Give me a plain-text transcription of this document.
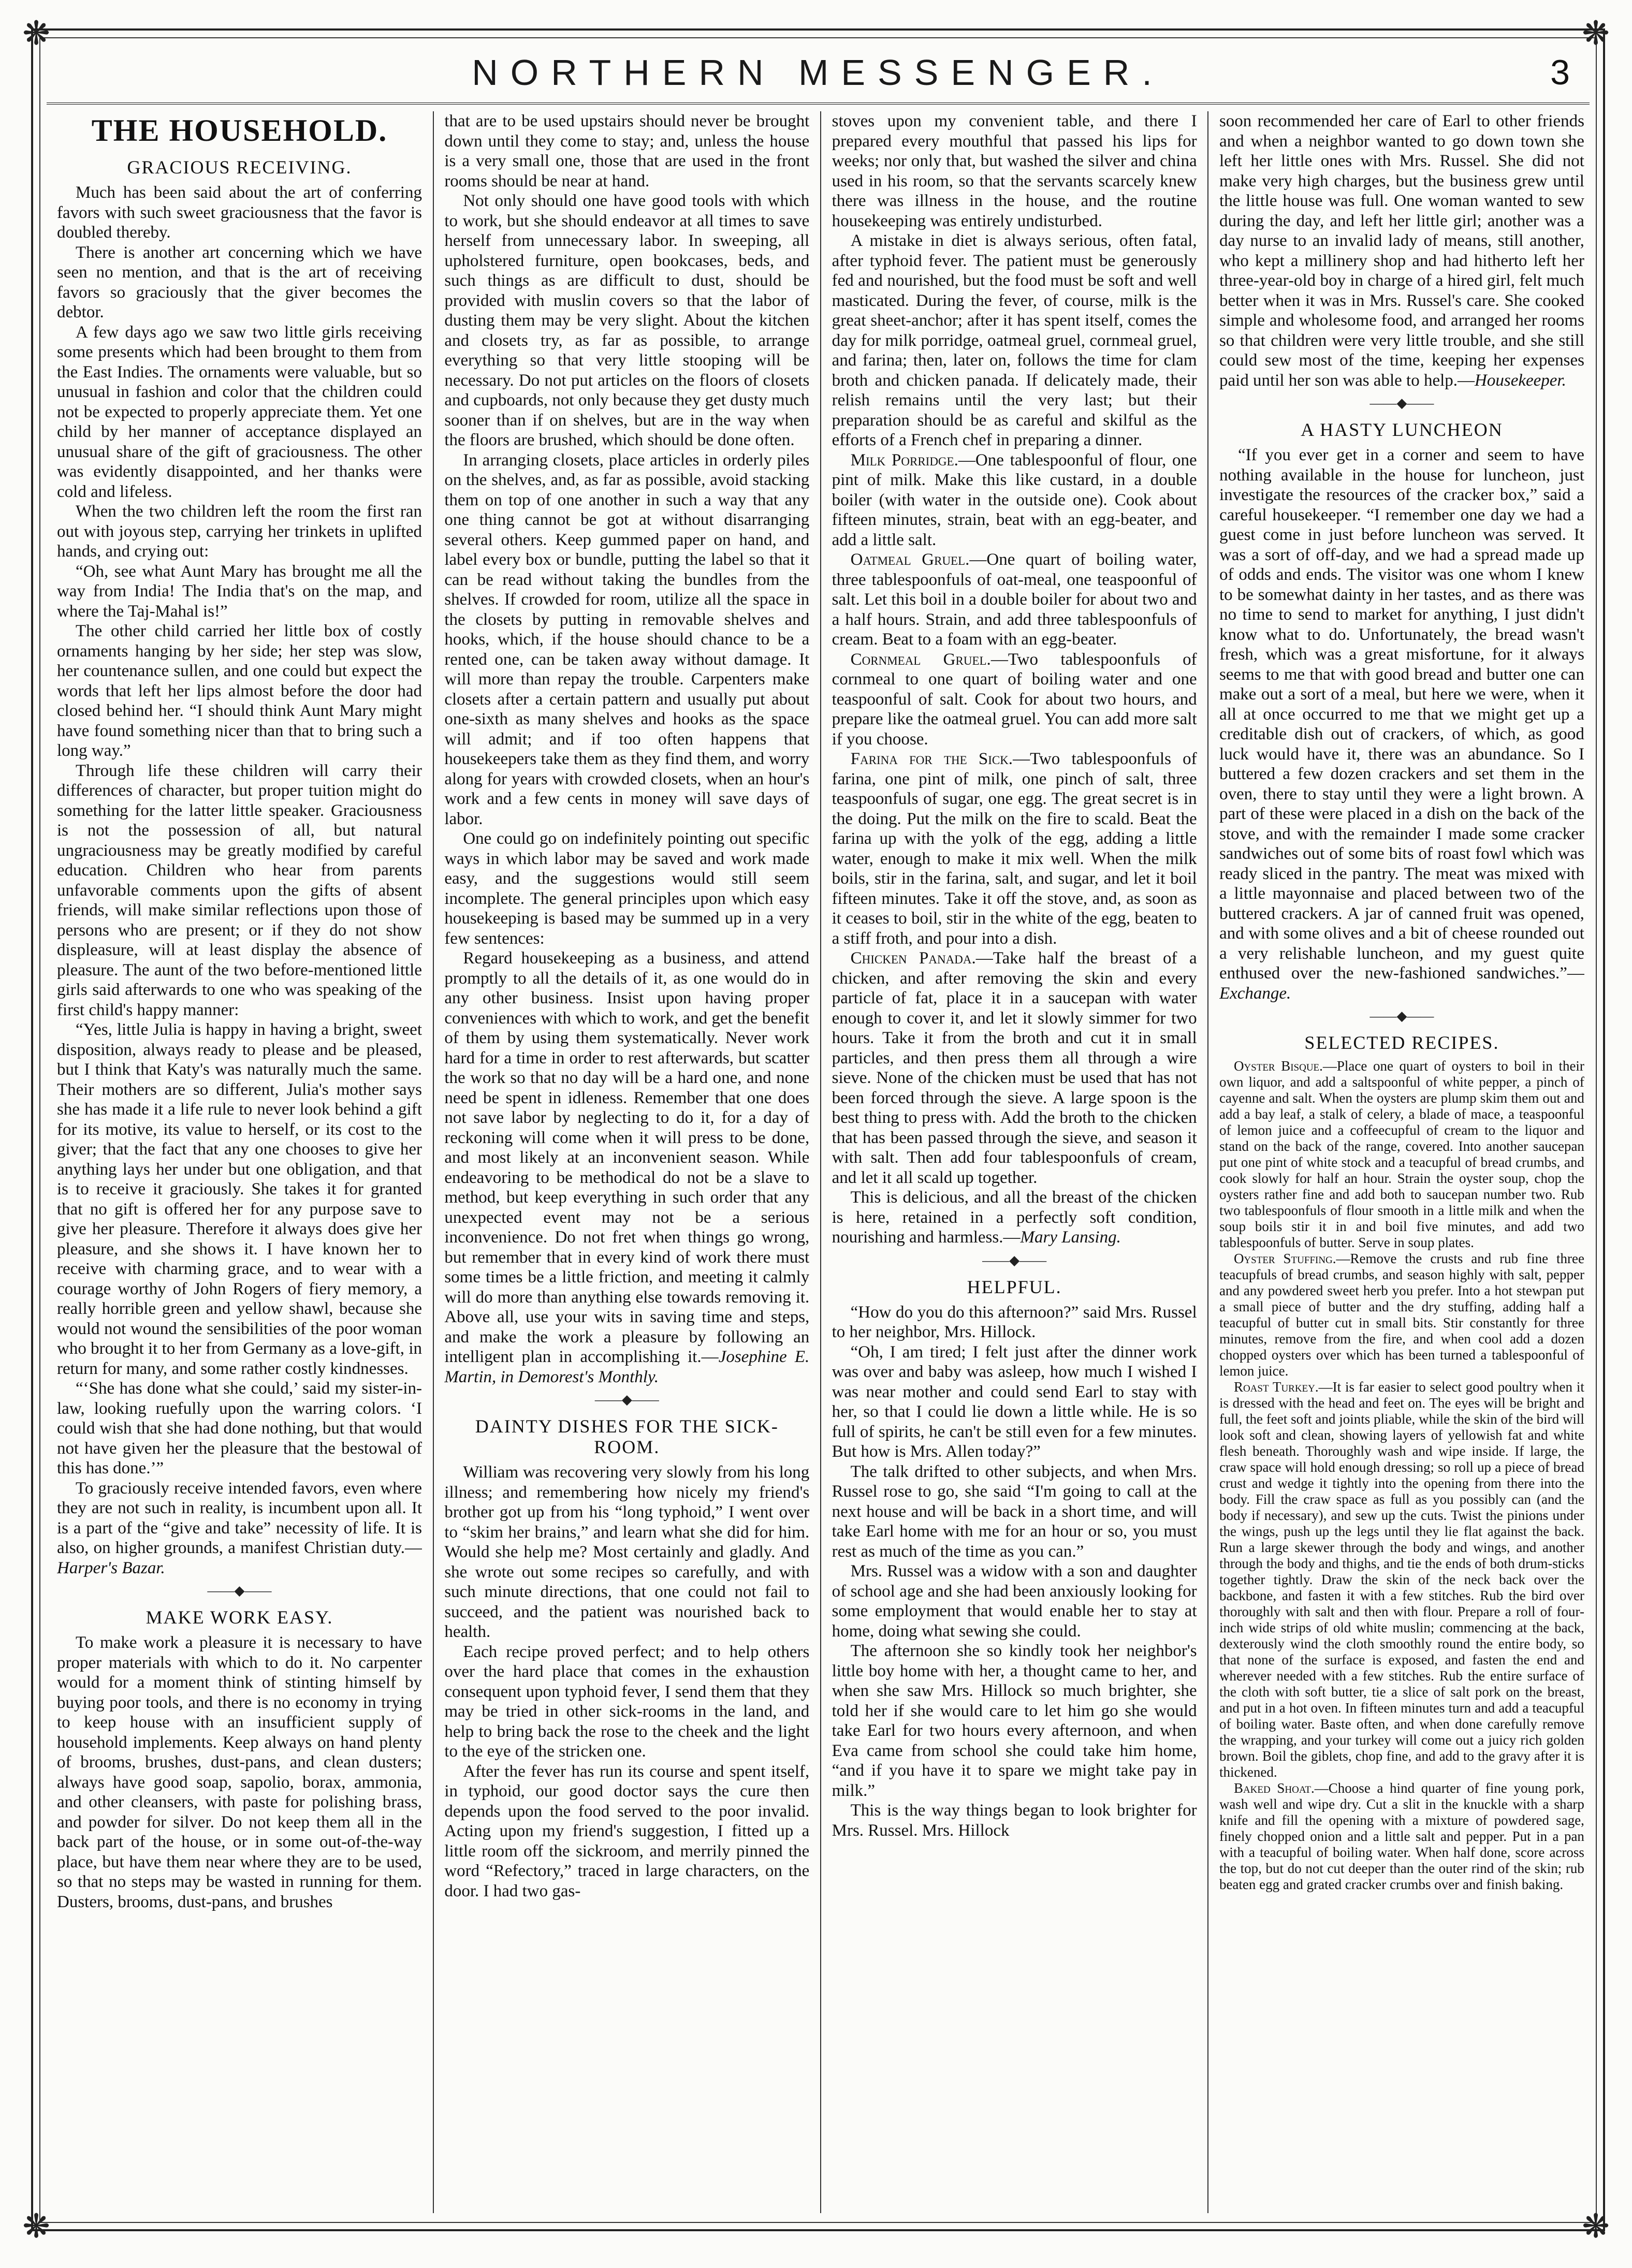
❋	❋
❋	❋
NORTHERN MESSENGER.	3
THE HOUSEHOLD.
GRACIOUS RECEIVING.

Much has been said about the art of conferring favors with such sweet graciousness that the favor is doubled thereby.

There is another art concerning which we have seen no mention, and that is the art of receiving favors so graciously that the giver becomes the debtor.

A few days ago we saw two little girls receiving some presents which had been brought to them from the East Indies. The ornaments were valuable, but so unusual in fashion and color that the children could not be expected to properly appreciate them. Yet one child by her manner of acceptance displayed an unusual share of the gift of graciousness. The other was evidently disappointed, and her thanks were cold and lifeless.

When the two children left the room the first ran out with joyous step, carrying her trinkets in uplifted hands, and crying out:

“Oh, see what Aunt Mary has brought me all the way from India! The India that's on the map, and where the Taj-Mahal is!”

The other child carried her little box of costly ornaments hanging by her side; her step was slow, her countenance sullen, and one could but expect the words that left her lips almost before the door had closed behind her. “I should think Aunt Mary might have found something nicer than that to bring such a long way.”

Through life these children will carry their differences of character, but proper tuition might do something for the latter little speaker. Graciousness is not the possession of all, but natural ungraciousness may be greatly modified by careful education. Children who hear from parents unfavorable comments upon the gifts of absent friends, will make similar reflections upon those of persons who are present; or if they do not show displeasure, will at least display the absence of pleasure. The aunt of the two before-mentioned little girls said afterwards to one who was speaking of the first child's happy manner:

“Yes, little Julia is happy in having a bright, sweet disposition, always ready to please and be pleased, but I think that Katy's was naturally much the same. Their mothers are so different, Julia's mother says she has made it a life rule to never look behind a gift for its motive, its value to herself, or its cost to the giver; that the fact that any one chooses to give her anything lays her under but one obligation, and that is to receive it graciously. She takes it for granted that no gift is offered her for any purpose save to give her pleasure. Therefore it always does give her pleasure, and she shows it. I have known her to receive with charming grace, and to wear with a courage worthy of John Rogers of fiery memory, a really horrible green and yellow shawl, because she would not wound the sensibilities of the poor woman who brought it to her from Germany as a love-gift, in return for many, and some rather costly kindnesses.

“‘She has done what she could,’ said my sister-in-law, looking ruefully upon the warring colors. ‘I could wish that she had done nothing, but that would not have given her the pleasure that the bestowal of this has done.’”

To graciously receive intended favors, even where they are not such in reality, is incumbent upon all. It is a part of the “give and take” necessity of life. It is also, on higher grounds, a manifest Christian duty.—Harper's Bazar.

——◆——
MAKE WORK EASY.

To make work a pleasure it is necessary to have proper materials with which to do it. No carpenter would for a moment think of stinting himself by buying poor tools, and there is no economy in trying to keep house with an insufficient supply of household implements. Keep always on hand plenty of brooms, brushes, dust-pans, and clean dusters; always have good soap, sapolio, borax, ammonia, and other cleansers, with paste for polishing brass, and powder for silver. Do not keep them all in the back part of the house, or in some out-of-the-way place, but have them near where they are to be used, so that no steps may be wasted in running for them. Dusters, brooms, dust-pans, and brushes

that are to be used upstairs should never be brought down until they come to stay; and, unless the house is a very small one, those that are used in the front rooms should be near at hand.

Not only should one have good tools with which to work, but she should endeavor at all times to save herself from unnecessary labor. In sweeping, all upholstered furniture, open bookcases, beds, and such things as are difficult to dust, should be provided with muslin covers so that the labor of dusting them may be very slight. About the kitchen and closets try, as far as possible, to arrange everything so that very little stooping will be necessary. Do not put articles on the floors of closets and cupboards, not only because they get dusty much sooner than if on shelves, but are in the way when the floors are brushed, which should be done often.

In arranging closets, place articles in orderly piles on the shelves, and, as far as possible, avoid stacking them on top of one another in such a way that any one thing cannot be got at without disarranging several others. Keep gummed paper on hand, and label every box or bundle, putting the label so that it can be read without taking the bundles from the shelves. If crowded for room, utilize all the space in the closets by putting in removable shelves and hooks, which, if the house should chance to be a rented one, can be taken away without damage. It will more than repay the trouble. Carpenters make closets after a certain pattern and usually put about one-sixth as many shelves and hooks as the space will admit; and if too often happens that housekeepers take them as they find them, and worry along for years with crowded closets, when an hour's work and a few cents in money will save days of labor.

One could go on indefinitely pointing out specific ways in which labor may be saved and work made easy, and the suggestions would still seem incomplete. The general principles upon which easy housekeeping is based may be summed up in a very few sentences:

Regard housekeeping as a business, and attend promptly to all the details of it, as one would do in any other business. Insist upon having proper conveniences with which to work, and get the benefit of them by using them systematically. Never work hard for a time in order to rest afterwards, but scatter the work so that no day will be a hard one, and none need be spent in idleness. Remember that one does not save labor by neglecting to do it, for a day of reckoning will come when it will press to be done, and most likely at an inconvenient season. While endeavoring to be methodical do not be a slave to method, but keep everything in such order that any unexpected event may not be a serious inconvenience. Do not fret when things go wrong, but remember that in every kind of work there must some times be a little friction, and meeting it calmly will do more than anything else towards removing it. Above all, use your wits in saving time and steps, and make the work a pleasure by following an intelligent plan in accomplishing it.—Josephine E. Martin, in Demorest's Monthly.

——◆——
DAINTY DISHES FOR THE SICK-ROOM.

William was recovering very slowly from his long illness; and remembering how nicely my friend's brother got up from his “long typhoid,” I went over to “skim her brains,” and learn what she did for him. Would she help me? Most certainly and gladly. And she wrote out some recipes so carefully, and with such minute directions, that one could not fail to succeed, and the patient was nourished back to health.

Each recipe proved perfect; and to help others over the hard place that comes in the exhaustion consequent upon typhoid fever, I send them that they may be tried in other sick-rooms in the land, and help to bring back the rose to the cheek and the light to the eye of the stricken one.

After the fever has run its course and spent itself, in typhoid, our good doctor says the cure then depends upon the food served to the poor invalid. Acting upon my friend's suggestion, I fitted up a little room off the sickroom, and merrily pinned the word “Refectory,” traced in large characters, on the door. I had two gas-

stoves upon my convenient table, and there I prepared every mouthful that passed his lips for weeks; nor only that, but washed the silver and china used in his room, so that the servants scarcely knew there was illness in the house, and the routine housekeeping was entirely undisturbed.

A mistake in diet is always serious, often fatal, after typhoid fever. The patient must be generously fed and nourished, but the food must be soft and well masticated. During the fever, of course, milk is the great sheet-anchor; after it has spent itself, comes the day for milk porridge, oatmeal gruel, cornmeal gruel, and farina; then, later on, follows the time for clam broth and chicken panada. If delicately made, their relish remains until the very last; but their preparation should be as careful and skilful as the efforts of a French chef in preparing a dinner.

Milk Porridge.—One tablespoonful of flour, one pint of milk. Make this like custard, in a double boiler (with water in the outside one). Cook about fifteen minutes, strain, beat with an egg-beater, and add a little salt.

Oatmeal Gruel.—One quart of boiling water, three tablespoonfuls of oat-meal, one teaspoonful of salt. Let this boil in a double boiler for about two and a half hours. Strain, and add three tablespoonfuls of cream. Beat to a foam with an egg-beater.

Cornmeal Gruel.—Two tablespoonfuls of cornmeal to one quart of boiling water and one teaspoonful of salt. Cook for about two hours, and prepare like the oatmeal gruel. You can add more salt if you choose.

Farina for the Sick.—Two tablespoonfuls of farina, one pint of milk, one pinch of salt, three teaspoonfuls of sugar, one egg. The great secret is in the doing. Put the milk on the fire to scald. Beat the farina up with the yolk of the egg, adding a little water, enough to make it mix well. When the milk boils, stir in the farina, salt, and sugar, and let it boil fifteen minutes. Take it off the stove, and, as soon as it ceases to boil, stir in the white of the egg, beaten to a stiff froth, and pour into a dish.

Chicken Panada.—Take half the breast of a chicken, and after removing the skin and every particle of fat, place it in a saucepan with water enough to cover it, and let it slowly simmer for two hours. Take it from the broth and cut it in small particles, and then press them all through a wire sieve. None of the chicken must be used that has not been forced through the sieve. A large spoon is the best thing to press with. Add the broth to the chicken that has been passed through the sieve, and season it with salt. Then add four tablespoonfuls of cream, and let it all scald up together.

This is delicious, and all the breast of the chicken is here, retained in a perfectly soft condition, nourishing and harmless.—Mary Lansing.

——◆——
HELPFUL.

“How do you do this afternoon?” said Mrs. Russel to her neighbor, Mrs. Hillock.

“Oh, I am tired; I felt just after the dinner work was over and baby was asleep, how much I wished I was near mother and could send Earl to stay with her, so that I could lie down a little while. He is so full of spirits, he can't be still even for a few minutes. But how is Mrs. Allen today?”

The talk drifted to other subjects, and when Mrs. Russel rose to go, she said “I'm going to call at the next house and will be back in a short time, and will take Earl home with me for an hour or so, you must rest as much of the time as you can.”

Mrs. Russel was a widow with a son and daughter of school age and she had been anxiously looking for some employment that would enable her to stay at home, doing what sewing she could.

The afternoon she so kindly took her neighbor's little boy home with her, a thought came to her, and when she saw Mrs. Hillock so much brighter, she told her if she would care to let him go she would take Earl for two hours every afternoon, and when Eva came from school she could take him home, “and if you have it to spare we might take pay in milk.”

This is the way things began to look brighter for Mrs. Russel. Mrs. Hillock

soon recommended her care of Earl to other friends and when a neighbor wanted to go down town she left her little ones with Mrs. Russel. She did not make very high charges, but the business grew until the little house was full. One woman wanted to sew during the day, and left her little girl; another was a day nurse to an invalid lady of means, still another, who kept a millinery shop and had hitherto left her three-year-old boy in charge of a hired girl, felt much better when it was in Mrs. Russel's care. She cooked simple and wholesome food, and arranged her rooms so that children were very little trouble, and she still could sew most of the time, keeping her expenses paid until her son was able to help.—Housekeeper.

——◆——
A HASTY LUNCHEON

“If you ever get in a corner and seem to have nothing available in the house for luncheon, just investigate the resources of the cracker box,” said a careful housekeeper. “I remember one day we had a guest come in just before luncheon was served. It was a sort of off-day, and we had a spread made up of odds and ends. The visitor was one whom I knew to be somewhat dainty in her tastes, and as there was no time to send to market for anything, I just didn't know what to do. Unfortunately, the bread wasn't fresh, which was a great misfortune, for it always seems to me that with good bread and butter one can make out a sort of a meal, but here we were, when it all at once occurred to me that we might get up a creditable dish out of crackers, of which, as good luck would have it, there was an abundance. So I buttered a few dozen crackers and set them in the oven, there to stay until they were a light brown. A part of these were placed in a dish on the back of the stove, and with the remainder I made some cracker sandwiches out of some bits of roast fowl which was ready sliced in the pantry. The meat was mixed with a little mayonnaise and placed between two of the buttered crackers. A jar of canned fruit was opened, and with some olives and a bit of cheese rounded out a very relishable luncheon, and my guest quite enthused over the new-fashioned sandwiches.”—Exchange.

——◆——
SELECTED RECIPES.

Oyster Bisque.—Place one quart of oysters to boil in their own liquor, and add a saltspoonful of white pepper, a pinch of cayenne and salt. When the oysters are plump skim them out and add a bay leaf, a stalk of celery, a blade of mace, a teaspoonful of lemon juice and a coffeecupful of cream to the liquor and stand on the back of the range, covered. Into another saucepan put one pint of white stock and a teacupful of bread crumbs, and cook slowly for half an hour. Strain the oyster soup, chop the oysters rather fine and add both to saucepan number two. Rub two tablespoonfuls of flour smooth in a little milk and when the soup boils stir it in and boil five minutes, and add two tablespoonfuls of butter. Serve in soup plates.

Oyster Stuffing.—Remove the crusts and rub fine three teacupfuls of bread crumbs, and season highly with salt, pepper and any powdered sweet herb you prefer. Into a hot stewpan put a small piece of butter and the dry stuffing, adding half a teacupful of butter cut in small bits. Stir constantly for three minutes, remove from the fire, and when cool add a dozen chopped oysters over which has been turned a tablespoonful of lemon juice.

Roast Turkey.—It is far easier to select good poultry when it is dressed with the head and feet on. The eyes will be bright and full, the feet soft and joints pliable, while the skin of the bird will look soft and clean, showing layers of yellowish fat and white flesh beneath. Thoroughly wash and wipe inside. If large, the craw space will hold enough dressing; so roll up a piece of bread crust and wedge it tightly into the opening from there into the body. Fill the craw space as full as you possibly can (and the body if necessary), and sew up the cuts. Twist the pinions under the wings, push up the legs until they lie flat against the back. Run a large skewer through the body and wings, and another through the body and thighs, and tie the ends of both drum-sticks together tightly. Draw the skin of the neck back over the backbone, and fasten it with a few stitches. Rub the bird over thoroughly with salt and then with flour. Prepare a roll of four-inch wide strips of old white muslin; commencing at the back, dexterously wind the cloth smoothly round the entire body, so that none of the surface is exposed, and fasten the end and wherever needed with a few stitches. Rub the entire surface of the cloth with soft butter, tie a slice of salt pork on the breast, and put in a hot oven. In fifteen minutes turn and add a teacupful of boiling water. Baste often, and when done carefully remove the wrapping, and your turkey will come out a juicy rich golden brown. Boil the giblets, chop fine, and add to the gravy after it is thickened.

Baked Shoat.—Choose a hind quarter of fine young pork, wash well and wipe dry. Cut a slit in the knuckle with a sharp knife and fill the opening with a mixture of powdered sage, finely chopped onion and a little salt and pepper. Put in a pan with a teacupful of boiling water. When half done, score across the top, but do not cut deeper than the outer rind of the skin; rub beaten egg and grated cracker crumbs over and finish baking.
